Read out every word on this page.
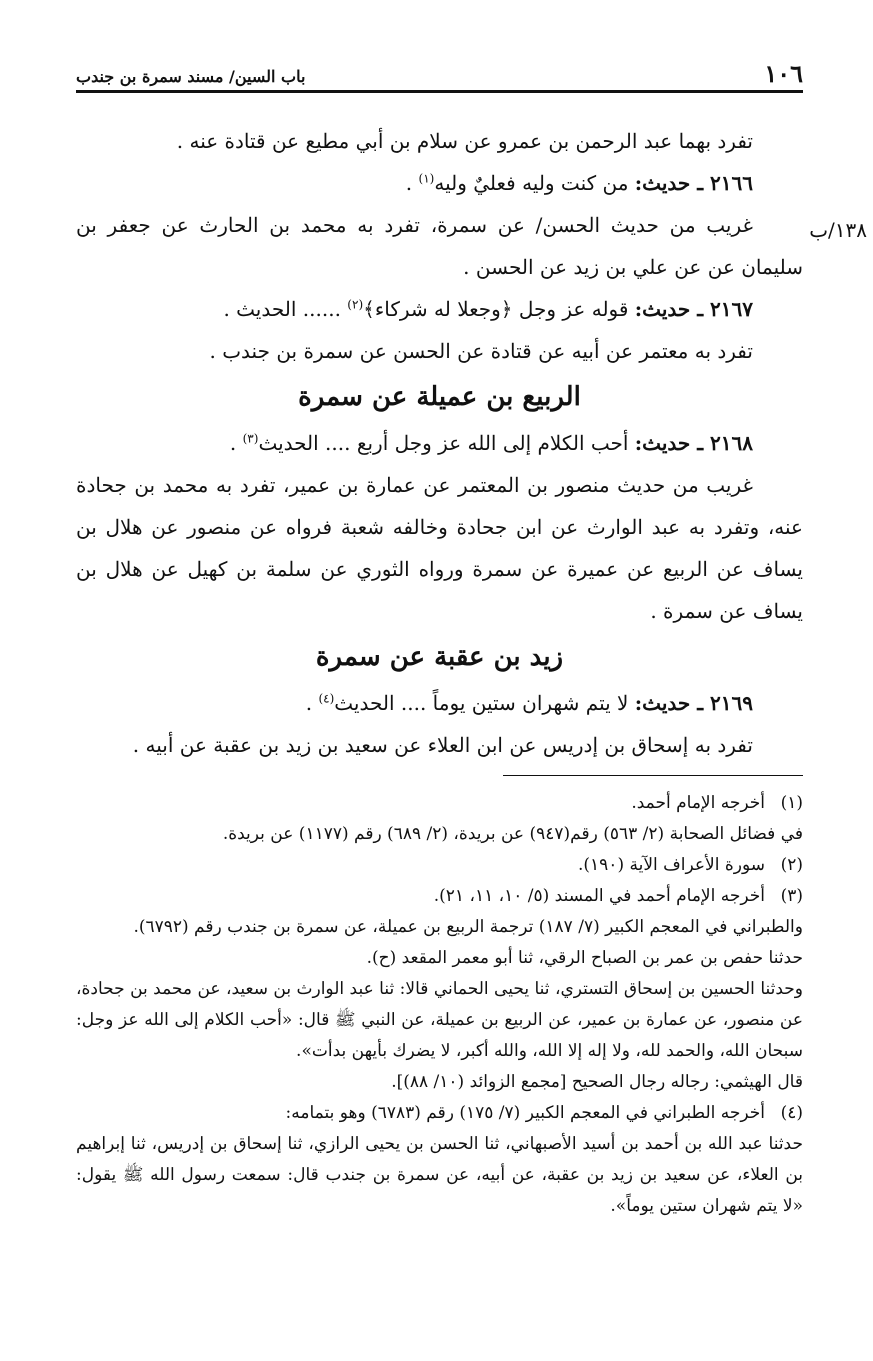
١٠٦
باب السين/ مسند سمرة بن جندب
١٣٨/ب

تفرد بهما عبد الرحمن بن عمرو عن سلام بن أبي مطيع عن قتادة عنه .

٢١٦٦ ـ حديث: من كنت وليه فعليٌ وليه$^{(١)}$ .

غريب من حديث الحسن/ عن سمرة، تفرد به محمد بن الحارث عن جعفر بن سليمان عن عن علي بن زيد عن الحسن .

٢١٦٧ ـ حديث: قوله عز وجل ﴿وجعلا له شركاء﴾$^{(٢)}$ ...... الحديث .

تفرد به معتمر عن أبيه عن قتادة عن الحسن عن سمرة بن جندب .

الربيع بن عميلة عن سمرة

٢١٦٨ ـ حديث: أحب الكلام إلى الله عز وجل أربع .... الحديث$^{(٣)}$ .

غريب من حديث منصور بن المعتمر عن عمارة بن عمير، تفرد به محمد بن جحادة عنه، وتفرد به عبد الوارث عن ابن جحادة وخالفه شعبة فرواه عن منصور عن هلال بن يساف عن الربيع عن عميرة عن سمرة ورواه الثوري عن سلمة بن كهيل عن هلال بن يساف عن سمرة .

زيد بن عقبة عن سمرة

٢١٦٩ ـ حديث: لا يتم شهران ستين يوماً .... الحديث$^{(٤)}$ .

تفرد به إسحاق بن إدريس عن ابن العلاء عن سعيد بن زيد بن عقبة عن أبيه .

(١)
أخرجه الإمام أحمد.

في فضائل الصحابة (٢/ ٥٦٣) رقم(٩٤٧) عن بريدة، (٢/ ٦٨٩) رقم (١١٧٧) عن بريدة.

(٢)
سورة الأعراف الآية (١٩٠).
(٣)
أخرجه الإمام أحمد في المسند (٥/ ١٠، ١١، ٢١).

والطبراني في المعجم الكبير (٧/ ١٨٧) ترجمة الربيع بن عميلة، عن سمرة بن جندب رقم (٦٧٩٢).

حدثنا حفص بن عمر بن الصباح الرقي، ثنا أبو معمر المقعد (ح).

وحدثنا الحسين بن إسحاق التستري، ثنا يحيى الحماني قالا: ثنا عبد الوارث بن سعيد، عن محمد بن جحادة، عن منصور، عن عمارة بن عمير، عن الربيع بن عميلة، عن النبي ﷺ قال: «أحب الكلام إلى الله عز وجل: سبحان الله، والحمد لله، ولا إله إلا الله، والله أكبر، لا يضرك بأيهن بدأت».

قال الهيثمي: رجاله رجال الصحيح [مجمع الزوائد (١٠/ ٨٨)].

(٤)
أخرجه الطبراني في المعجم الكبير (٧/ ١٧٥) رقم (٦٧٨٣) وهو بتمامه:

حدثنا عبد الله بن أحمد بن أسيد الأصبهاني، ثنا الحسن بن يحيى الرازي، ثنا إسحاق بن إدريس، ثنا إبراهيم بن العلاء، عن سعيد بن زيد بن عقبة، عن أبيه، عن سمرة بن جندب قال: سمعت رسول الله ﷺ يقول: «لا يتم شهران ستين يوماً».
